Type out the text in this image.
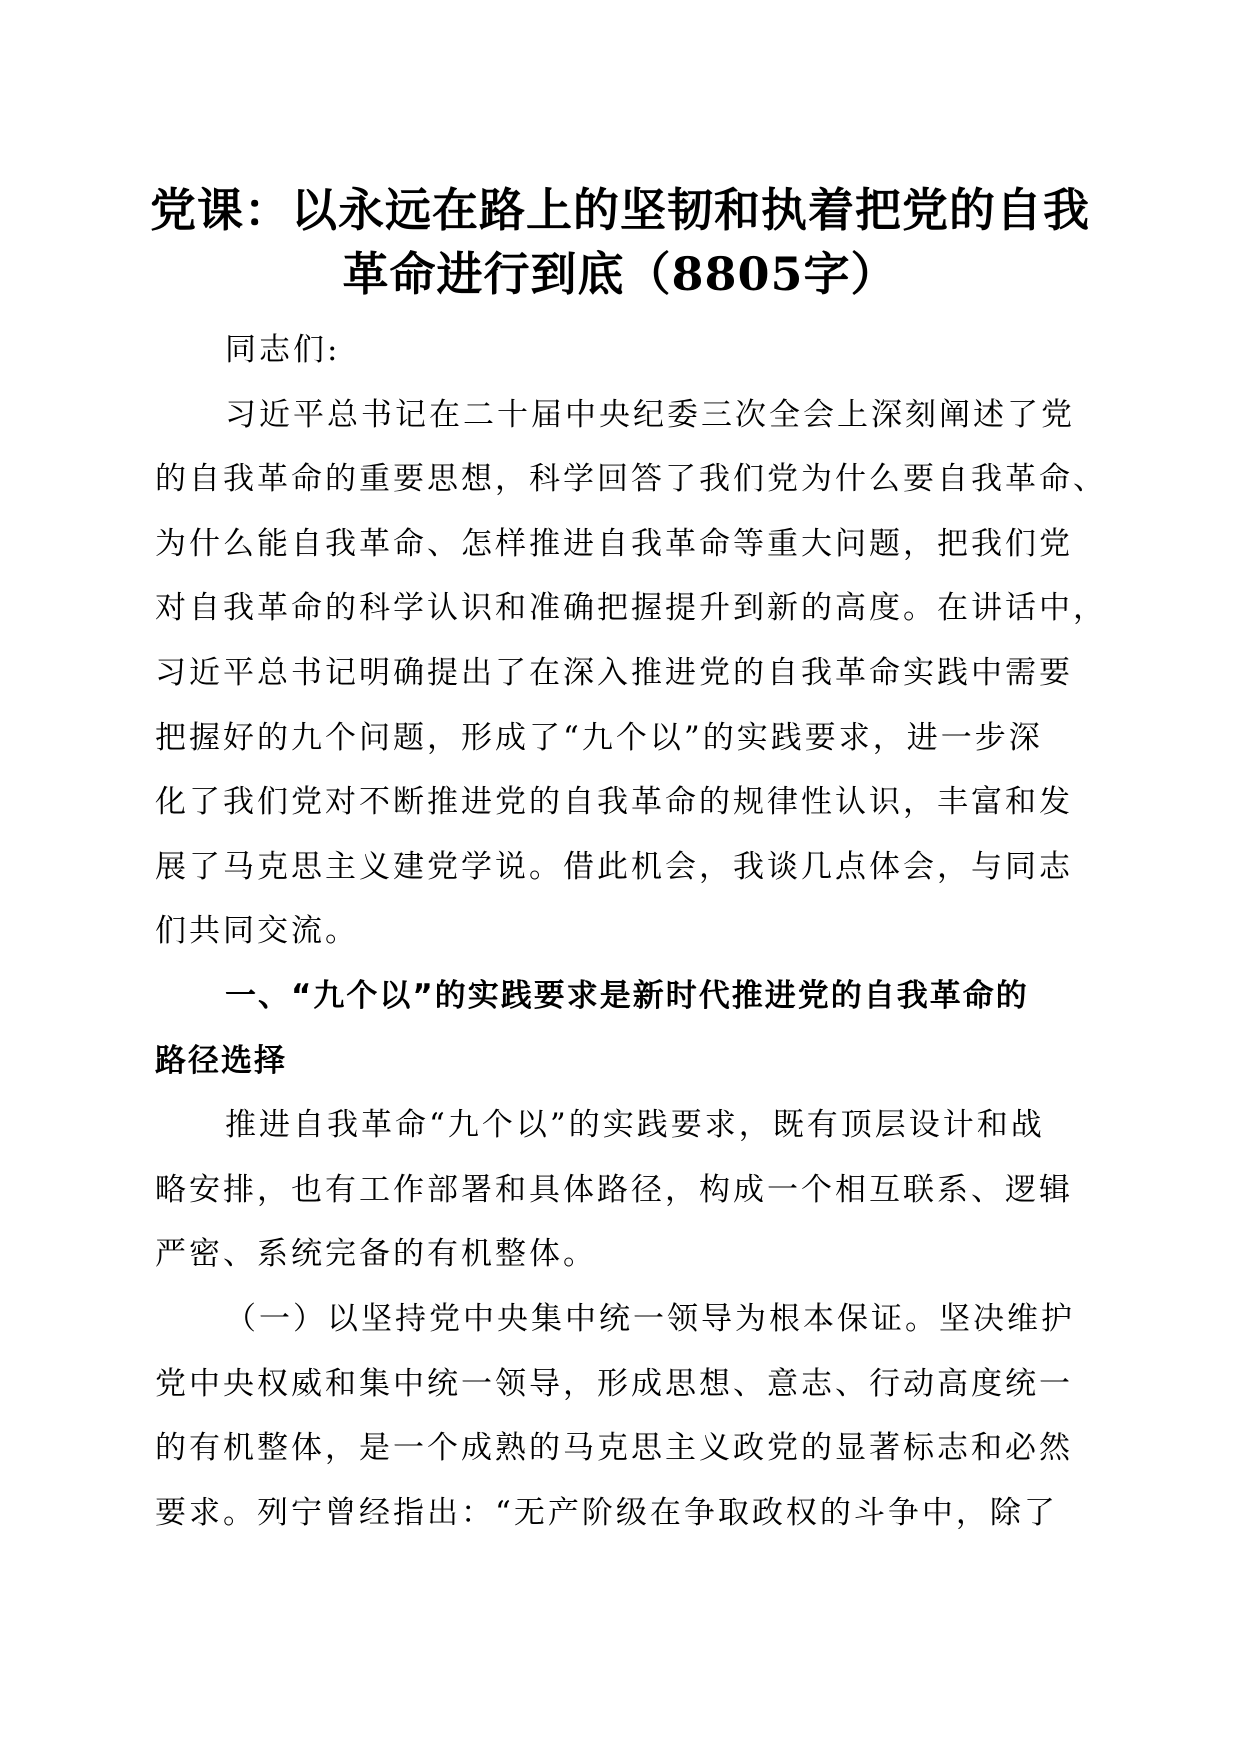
党课：以永远在路上的坚韧和执着把党的自我
革命进行到底（8805字）
同志们:
习近平总书记在二十届中央纪委三次全会上深刻阐述了党
的自我革命的重要思想，科学回答了我们党为什么要自我革命、
为什么能自我革命、怎样推进自我革命等重大问题，把我们党
对自我革命的科学认识和准确把握提升到新的高度。在讲话中，
习近平总书记明确提出了在深入推进党的自我革命实践中需要
把握好的九个问题，形成了“九个以”的实践要求，进一步深
化了我们党对不断推进党的自我革命的规律性认识，丰富和发
展了马克思主义建党学说。借此机会，我谈几点体会，与同志
们共同交流。
一、“九个以”的实践要求是新时代推进党的自我革命的
路径选择
推进自我革命“九个以”的实践要求，既有顶层设计和战
略安排，也有工作部署和具体路径，构成一个相互联系、逻辑
严密、系统完备的有机整体。
（一）以坚持党中央集中统一领导为根本保证。坚决维护
党中央权威和集中统一领导，形成思想、意志、行动高度统一
的有机整体，是一个成熟的马克思主义政党的显著标志和必然
要求。列宁曾经指出：“无产阶级在争取政权的斗争中，除了
